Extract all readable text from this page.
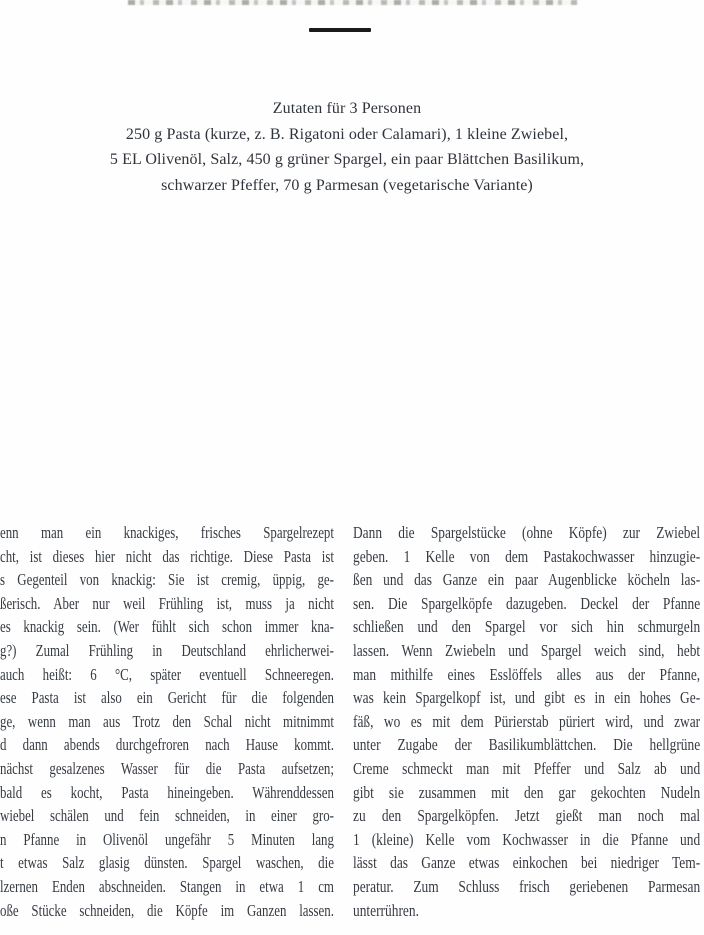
Zutaten für 3 Personen
250 g Pasta (kurze, z. B. Rigatoni oder Calamari), 1 kleine Zwiebel,
5 EL Olivenöl, Salz, 450 g grüner Spargel, ein paar Blättchen Basilikum,
schwarzer Pfeffer, 70 g Parmesan (vegetarische Variante)
enn man ein knackiges, frisches Spargelrezept
cht, ist dieses hier nicht das richtige. Diese Pasta ist
s Gegenteil von knackig: Sie ist cremig, üppig, ge-
ßerisch. Aber nur weil Frühling ist, muss ja nicht
es knackig sein. (Wer fühlt sich schon immer kna-
g?) Zumal Frühling in Deutschland ehrlicherwei-
auch heißt: 6 °C, später eventuell Schneeregen.
ese Pasta ist also ein Gericht für die folgenden
ge, wenn man aus Trotz den Schal nicht mitnimmt
d dann abends durchgefroren nach Hause kommt.
nächst gesalzenes Wasser für die Pasta aufsetzen;
bald es kocht, Pasta hineingeben. Währenddessen
wiebel schälen und fein schneiden, in einer gro-
n Pfanne in Olivenöl ungefähr 5 Minuten lang
t etwas Salz glasig dünsten. Spargel waschen, die
lzernen Enden abschneiden. Stangen in etwa 1 cm
oße Stücke schneiden, die Köpfe im Ganzen lassen.
Dann die Spargelstücke (ohne Köpfe) zur Zwiebel
geben. 1 Kelle von dem Pastakochwasser hinzugie-
ßen und das Ganze ein paar Augenblicke köcheln las-
sen. Die Spargelköpfe dazugeben. Deckel der Pfanne
schließen und den Spargel vor sich hin schmurgeln
lassen. Wenn Zwiebeln und Spargel weich sind, hebt
man mithilfe eines Esslöffels alles aus der Pfanne,
was kein Spargelkopf ist, und gibt es in ein hohes Ge-
fäß, wo es mit dem Pürierstab püriert wird, und zwar
unter Zugabe der Basilikumblättchen. Die hellgrüne
Creme schmeckt man mit Pfeffer und Salz ab und
gibt sie zusammen mit den gar gekochten Nudeln
zu den Spargelköpfen. Jetzt gießt man noch mal
1 (kleine) Kelle vom Kochwasser in die Pfanne und
lässt das Ganze etwas einkochen bei niedriger Tem-
peratur. Zum Schluss frisch geriebenen Parmesan
unterrühren.
